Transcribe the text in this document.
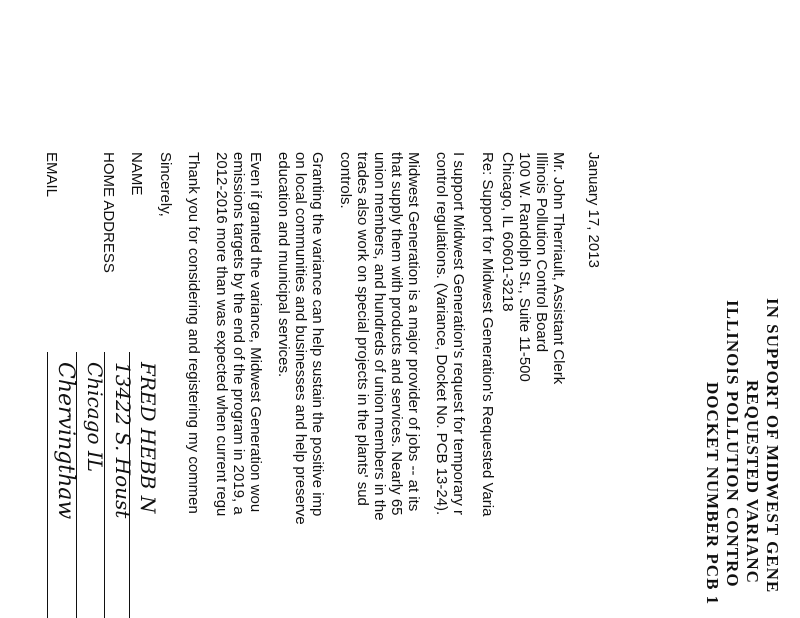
IN SUPPORT OF MIDWEST GENE
REQUESTED VARIANC
ILLINOIS POLLUTION CONTRO
DOCKET NUMBER PCB 1
January 17, 2013
Mr. John Therriault, Assistant Clerk
Illinois Pollution Control Board
100 W. Randolph St., Suite 11-500
Chicago, IL 60601-3218
Re: Support for Midwest Generation's Requested Varia
I support Midwest Generation's request for temporary r
control regulations. (Variance, Docket No. PCB 13-24).
Midwest Generation is a major provider of jobs -- at its
that supply them with products and services. Nearly 65
union members, and hundreds of union members in the
trades also work on special projects in the plants' sud
controls.
Granting the variance can help sustain the positive imp
on local communities and businesses and help preserve
education and municipal services.
Even if granted the variance, Midwest Generation wou
emissions targets by the end of the program in 2019, a
2012-2016 more than was expected when current regu
Thank you for considering and registering my commen
Sincerely,
NAME
HOME ADDRESS
EMAIL
FRED HEBB N
13422 S. Houst
Chicago IL
Chervingthaw
